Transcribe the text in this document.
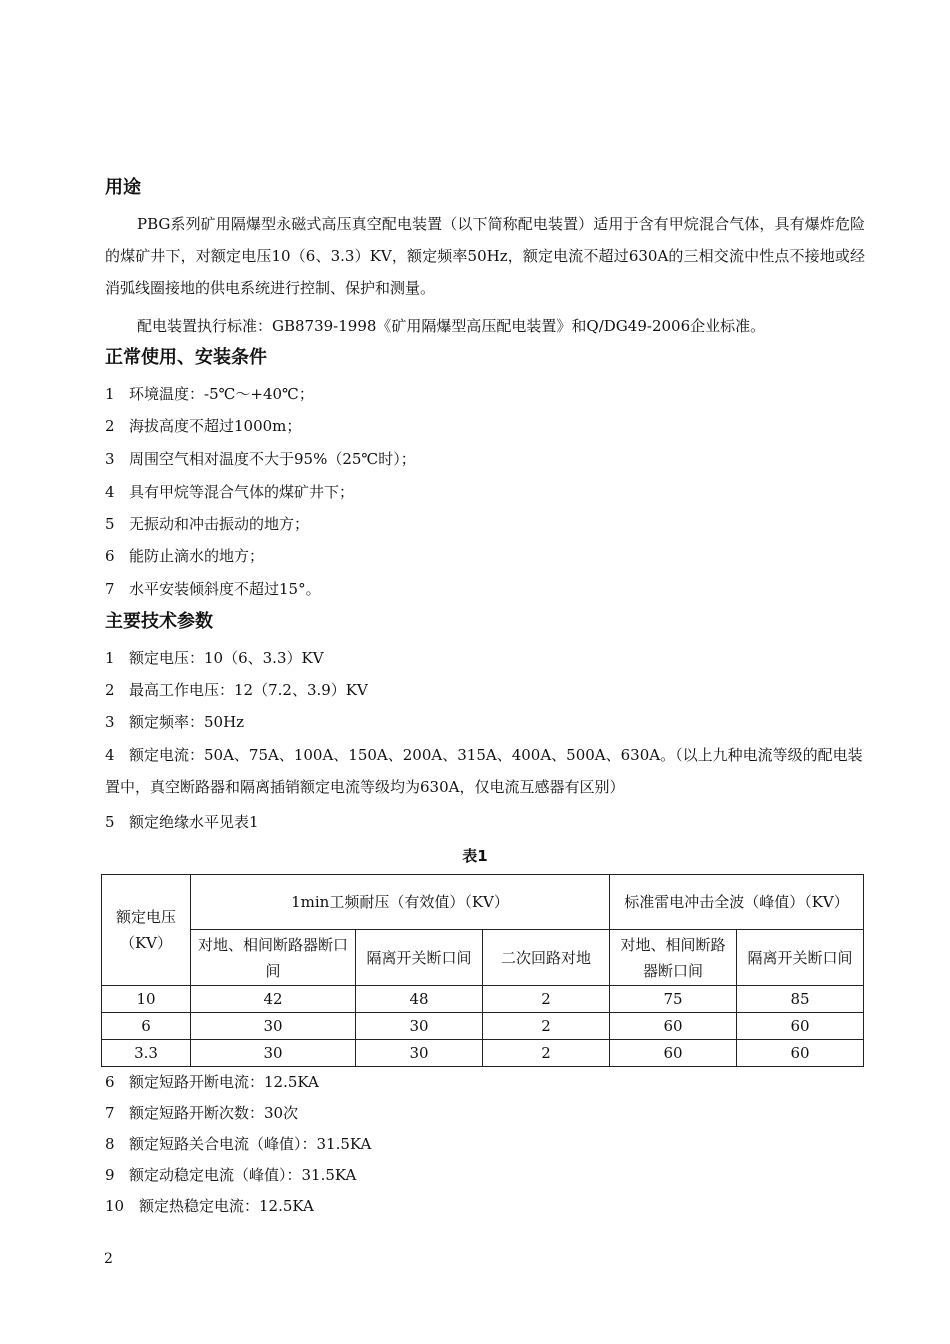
用途
PBG系列矿用隔爆型永磁式高压真空配电装置（以下简称配电装置）适用于含有甲烷混合气体，具有爆炸危险的煤矿井下，对额定电压10（6、3.3）KV，额定频率50Hz，额定电流不超过630A的三相交流中性点不接地或经消弧线圈接地的供电系统进行控制、保护和测量。
配电装置执行标准：GB8739-1998《矿用隔爆型高压配电装置》和Q/DG49-2006企业标准。
正常使用、安装条件
1 环境温度：-5℃～+40℃；
2 海拔高度不超过1000m；
3 周围空气相对温度不大于95%（25℃时）；
4 具有甲烷等混合气体的煤矿井下；
5 无振动和冲击振动的地方；
6 能防止滴水的地方；
7 水平安装倾斜度不超过15°。
主要技术参数
1 额定电压：10（6、3.3）KV
2 最高工作电压：12（7.2、3.9）KV
3 额定频率：50Hz
4 额定电流：50A、75A、100A、150A、200A、315A、400A、500A、630A。（以上九种电流等级的配电装置中，真空断路器和隔离插销额定电流等级均为630A，仅电流互感器有区别）
5 额定绝缘水平见表1
表1
额定电压（KV）	1min工频耐压（有效值）（KV）			标准雷电冲击全波（峰值）（KV）	
	对地、相间断路器断口间	隔离开关断口间	二次回路对地	对地、相间断路器断口间	隔离开关断口间
10	42	48	2	75	85
6	30	30	2	60	60
3.3	30	30	2	60	60
6 额定短路开断电流：12.5KA
7 额定短路开断次数：30次
8 额定短路关合电流（峰值）：31.5KA
9 额定动稳定电流（峰值）：31.5KA
10 额定热稳定电流：12.5KA
2
